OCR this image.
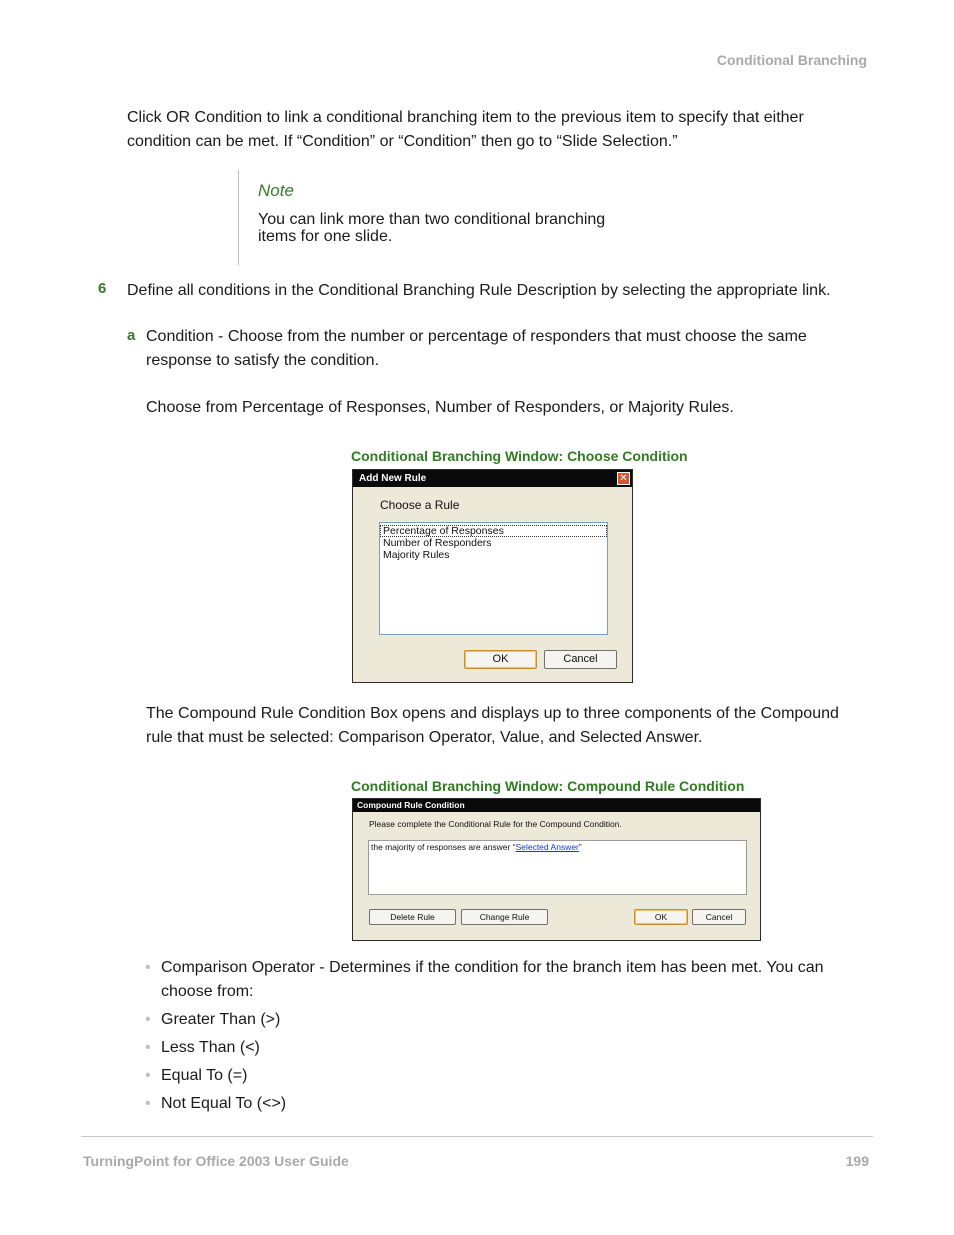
Conditional Branching
Click OR Condition to link a conditional branching item to the previous item to specify that either
condition can be met. If “Condition” or “Condition” then go to “Slide Selection.”
Note
You can link more than two conditional branching
items for one slide.
6 Define all conditions in the Conditional Branching Rule Description by selecting the appropriate link.
a Condition - Choose from the number or percentage of responders that must choose the same
response to satisfy the condition.
Choose from Percentage of Responses, Number of Responders, or Majority Rules.
Conditional Branching Window: Choose Condition
Add New Rule	✕
Choose a Rule
Percentage of Responses
Number of Responders
Majority Rules
OK	Cancel
The Compound Rule Condition Box opens and displays up to three components of the Compound
rule that must be selected: Comparison Operator, Value, and Selected Answer.
Conditional Branching Window: Compound Rule Condition
Compound Rule Condition
Please complete the Conditional Rule for the Compound Condition.
the majority of responses are answer “Selected Answer”
Delete Rule	Change Rule	OK	Cancel
• Comparison Operator - Determines if the condition for the branch item has been met. You can
choose from:
• Greater Than (>)
• Less Than (<)
• Equal To (=)
• Not Equal To (<>)
TurningPoint for Office 2003 User Guide	199
